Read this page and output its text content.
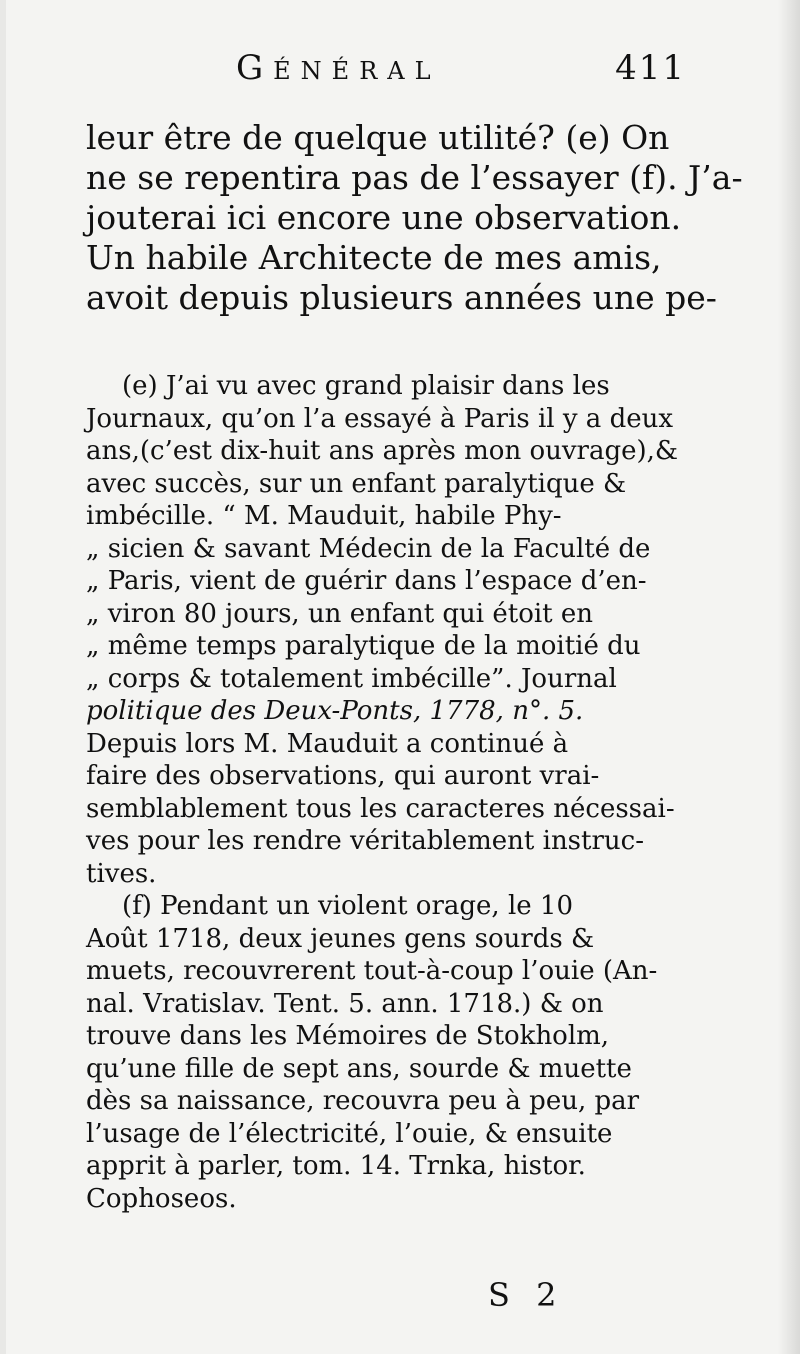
Général	411
leur être de quelque utilité? (e) On
ne se repentira pas de l’essayer (f). J’a-
jouterai ici encore une observation.
Un habile Architecte de mes amis,
avoit depuis plusieurs années une pe-
(e) J’ai vu avec grand plaisir dans les
Journaux, qu’on l’a essayé à Paris il y a deux
ans,(c’est dix-huit ans après mon ouvrage),&
avec succès, sur un enfant paralytique &
imbécille. “ M. Mauduit, habile Phy-
„ sicien & savant Médecin de la Faculté de
„ Paris, vient de guérir dans l’espace d’en-
„ viron 80 jours, un enfant qui étoit en
„ même temps paralytique de la moitié du
„ corps & totalement imbécille”. Journal
politique des Deux-Ponts, 1778, n°. 5.
Depuis lors M. Mauduit a continué à
faire des observations, qui auront vrai-
semblablement tous les caracteres nécessai-
ves pour les rendre véritablement instruc-
tives.
(f) Pendant un violent orage, le 10
Août 1718, deux jeunes gens sourds &
muets, recouvrerent tout-à-coup l’ouie (An-
nal. Vratislav. Tent. 5. ann. 1718.) & on
trouve dans les Mémoires de Stokholm,
qu’une fille de sept ans, sourde & muette
dès sa naissance, recouvra peu à peu, par
l’usage de l’électricité, l’ouie, & ensuite
apprit à parler, tom. 14. Trnka, histor.
Cophoseos.
S 2
